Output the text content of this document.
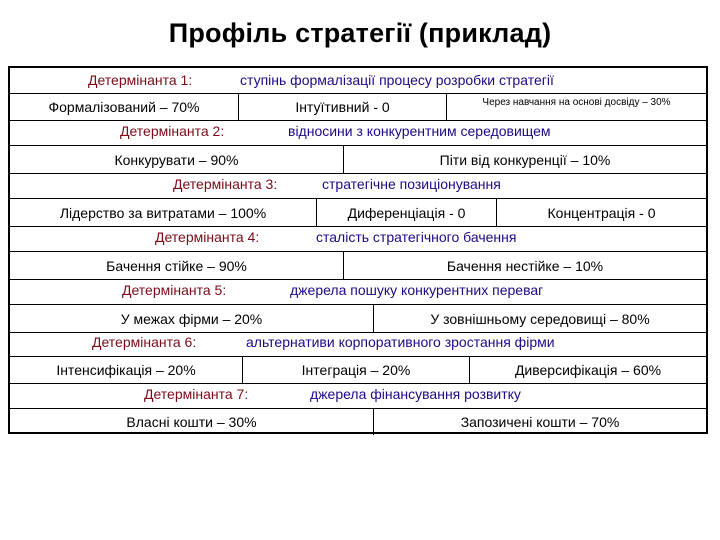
Профіль стратегії (приклад)
Детермінанта 1:	ступінь формалізації процесу розробки стратегії
Формалізований – 70%	Інтуїтивний - 0	Через навчання на основі досвіду – 30%
Детермінанта 2:	відносини з конкурентним середовищем
Конкурувати – 90%	Піти від конкуренції – 10%
Детермінанта 3:	стратегічне позиціонування
Лідерство за витратами – 100%	Диференціація - 0	Концентрація - 0
Детермінанта 4:	сталість стратегічного бачення
Бачення стійке – 90%	Бачення нестійке – 10%
Детермінанта 5:	джерела пошуку конкурентних переваг
У межах фірми – 20%	У зовнішньому середовищі – 80%
Детермінанта 6:	альтернативи корпоративного зростання фірми
Інтенсифікація – 20%	Інтеграція – 20%	Диверсифікація – 60%
Детермінанта 7:	джерела фінансування розвитку
Власні кошти – 30%	Запозичені кошти – 70%
